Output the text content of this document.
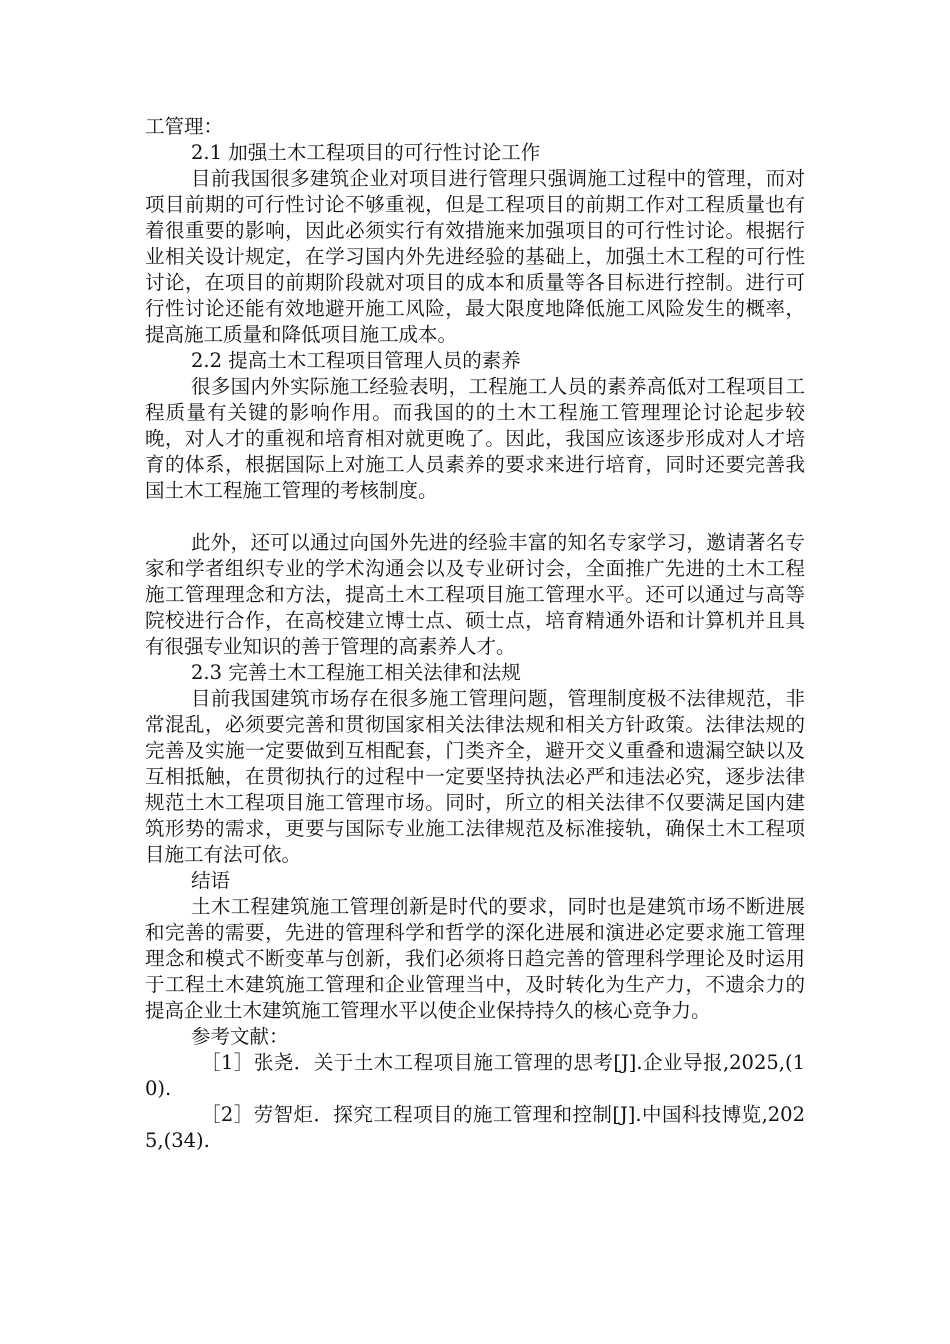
工管理：

2.1 加强土木工程项目的可行性讨论工作

目前我国很多建筑企业对项目进行管理只强调施工过程中的管理，而对项目前期的可行性讨论不够重视，但是工程项目的前期工作对工程质量也有着很重要的影响，因此必须实行有效措施来加强项目的可行性讨论。根据行业相关设计规定，在学习国内外先进经验的基础上，加强土木工程的可行性讨论，在项目的前期阶段就对项目的成本和质量等各目标进行控制。进行可行性讨论还能有效地避开施工风险，最大限度地降低施工风险发生的概率，提高施工质量和降低项目施工成本。

2.2 提高土木工程项目管理人员的素养

很多国内外实际施工经验表明，工程施工人员的素养高低对工程项目工程质量有关键的影响作用。而我国的的土木工程施工管理理论讨论起步较晚，对人才的重视和培育相对就更晚了。因此，我国应该逐步形成对人才培育的体系，根据国际上对施工人员素养的要求来进行培育，同时还要完善我国土木工程施工管理的考核制度。

此外，还可以通过向国外先进的经验丰富的知名专家学习，邀请著名专家和学者组织专业的学术沟通会以及专业研讨会，全面推广先进的土木工程施工管理理念和方法，提高土木工程项目施工管理水平。还可以通过与高等院校进行合作，在高校建立博士点、硕士点，培育精通外语和计算机并且具有很强专业知识的善于管理的高素养人才。

2.3 完善土木工程施工相关法律和法规

目前我国建筑市场存在很多施工管理问题，管理制度极不法律规范，非常混乱，必须要完善和贯彻国家相关法律法规和相关方针政策。法律法规的完善及实施一定要做到互相配套，门类齐全，避开交义重叠和遗漏空缺以及互相抵触，在贯彻执行的过程中一定要坚持执法必严和违法必究，逐步法律规范土木工程项目施工管理市场。同时，所立的相关法律不仅要满足国内建筑形势的需求，更要与国际专业施工法律规范及标准接轨，确保土木工程项目施工有法可依。

结语

土木工程建筑施工管理创新是时代的要求，同时也是建筑市场不断进展和完善的需要，先进的管理科学和哲学的深化进展和演进必定要求施工管理理念和模式不断变革与创新，我们必须将日趋完善的管理科学理论及时运用于工程土木建筑施工管理和企业管理当中，及时转化为生产力，不遗余力的提高企业土木建筑施工管理水平以使企业保持持久的核心竞争力。

参考文献：

［1］张尧．关于土木工程项目施工管理的思考[J].企业导报,2025,(10).

［2］劳智炬．探究工程项目的施工管理和控制[J].中国科技博览,2025,(34).
